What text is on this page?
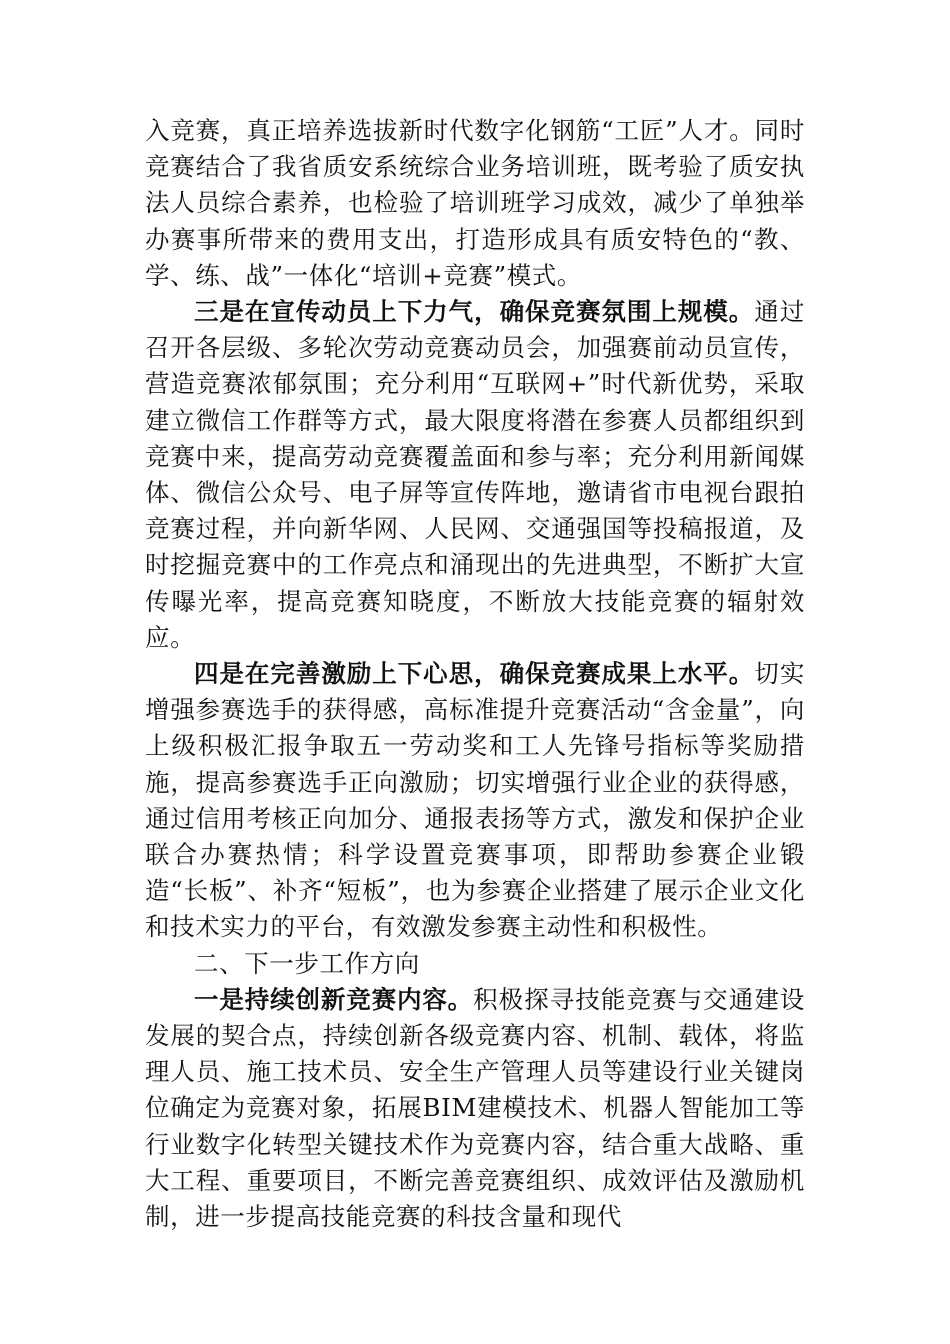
入竞赛，真正培养选拔新时代数字化钢筋“工匠”人才。同时竞赛结合了我省质安系统综合业务培训班，既考验了质安执法人员综合素养，也检验了培训班学习成效，减少了单独举办赛事所带来的费用支出，打造形成具有质安特色的“教、学、练、战”一体化“培训+竞赛”模式。

三是在宣传动员上下力气，确保竞赛氛围上规模。通过召开各层级、多轮次劳动竞赛动员会，加强赛前动员宣传，营造竞赛浓郁氛围；充分利用“互联网+”时代新优势，采取建立微信工作群等方式，最大限度将潜在参赛人员都组织到竞赛中来，提高劳动竞赛覆盖面和参与率；充分利用新闻媒体、微信公众号、电子屏等宣传阵地，邀请省市电视台跟拍竞赛过程，并向新华网、人民网、交通强国等投稿报道，及时挖掘竞赛中的工作亮点和涌现出的先进典型，不断扩大宣传曝光率，提高竞赛知晓度，不断放大技能竞赛的辐射效应。

四是在完善激励上下心思，确保竞赛成果上水平。切实增强参赛选手的获得感，高标准提升竞赛活动“含金量”，向上级积极汇报争取五一劳动奖和工人先锋号指标等奖励措施，提高参赛选手正向激励；切实增强行业企业的获得感，通过信用考核正向加分、通报表扬等方式，激发和保护企业联合办赛热情；科学设置竞赛事项，即帮助参赛企业锻造“长板”、补齐“短板”，也为参赛企业搭建了展示企业文化和技术实力的平台，有效激发参赛主动性和积极性。

二、下一步工作方向

一是持续创新竞赛内容。积极探寻技能竞赛与交通建设发展的契合点，持续创新各级竞赛内容、机制、载体，将监理人员、施工技术员、安全生产管理人员等建设行业关键岗位确定为竞赛对象，拓展BIM建模技术、机器人智能加工等行业数字化转型关键技术作为竞赛内容，结合重大战略、重大工程、重要项目，不断完善竞赛组织、成效评估及激励机制，进一步提高技能竞赛的科技含量和现代
